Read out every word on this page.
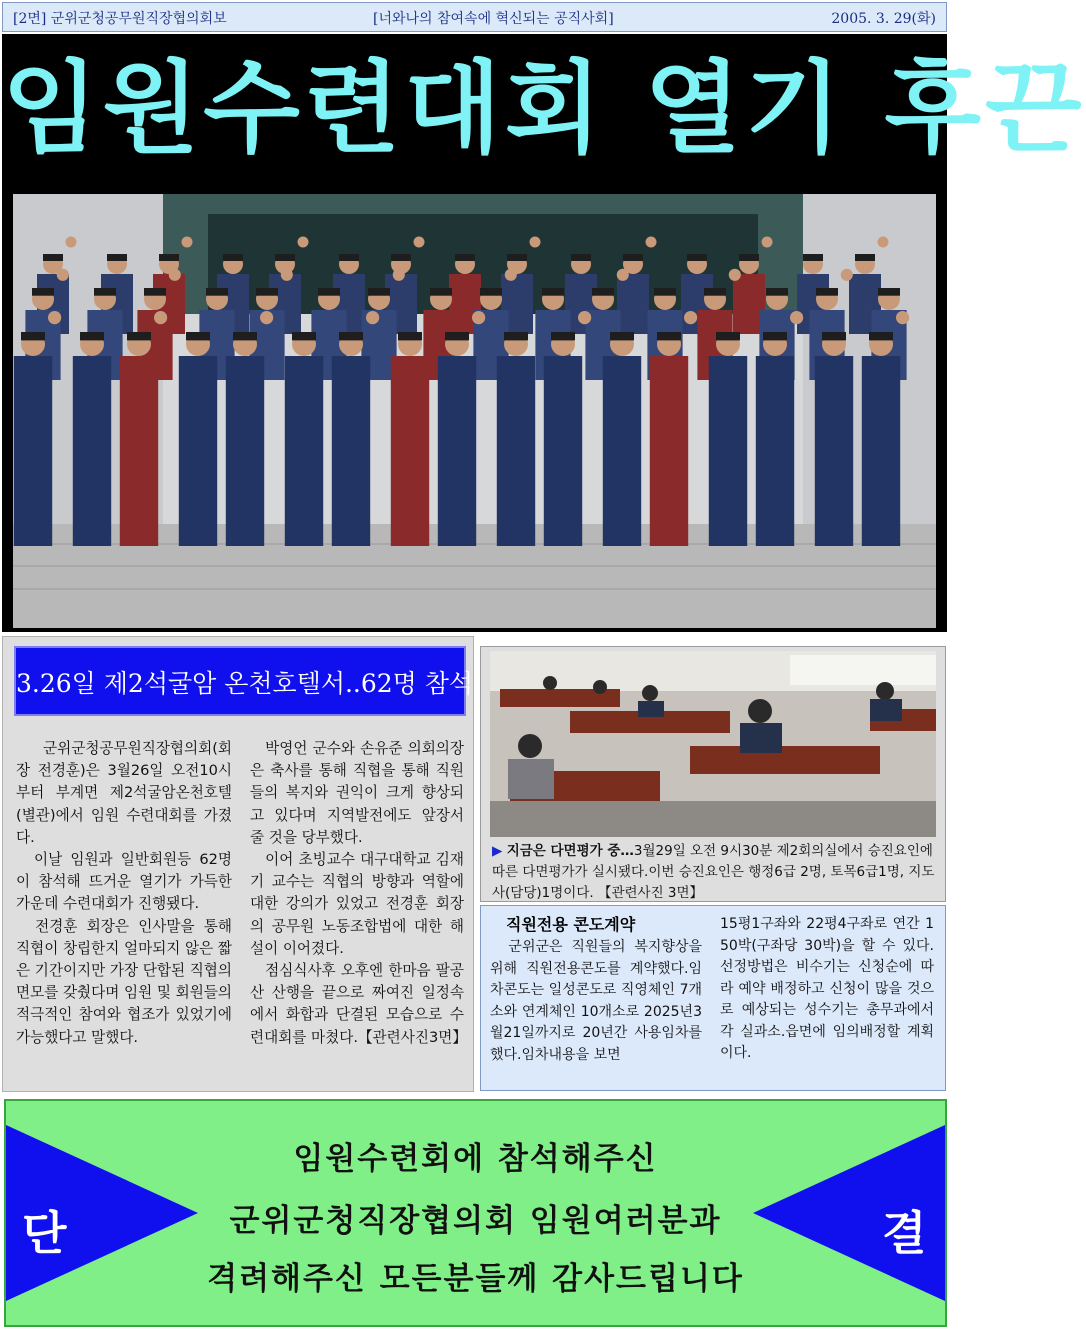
[2면] 군위군청공무원직장협의회보	[너와나의 참여속에 혁신되는 공직사회]	2005. 3. 29(화)
임원수련대회 열기 후끈
3.26일 제2석굴암 온천호텔서..62명 참석
　군위군청공무원직장협의회(회장 전경훈)은 3월26일 오전10시부터 부계면 제2석굴암온천호텔(별관)에서 임원 수련대회를 가졌다.
　이날 임원과 일반회원등 62명이 참석해 뜨거운 열기가 가득한 가운데 수련대회가 진행됐다.
　전경훈 회장은 인사말을 통해 직협이 창립한지 얼마되지 않은 짧은 기간이지만 가장 단합된 직협의 면모를 갖췄다며 임원 및 회원들의 적극적인 참여와 협조가 있었기에 가능했다고 말했다.
　박영언 군수와 손유준 의회의장은 축사를 통해 직협을 통해 직원들의 복지와 권익이 크게 향상되고 있다며 지역발전에도 앞장서 줄 것을 당부했다.
　이어 초빙교수 대구대학교 김재기 교수는 직협의 방향과 역할에 대한 강의가 있었고 전경훈 회장의 공무원 노동조합법에 대한 해설이 이어졌다.
　점심식사후 오후엔 한마음 팔공산 산행을 끝으로 짜여진 일정속에서 화합과 단결된 모습으로 수련대회를 마쳤다.【관련사진3면】
▶ 지금은 다면평가 중…3월29일 오전 9시30분 제2회의실에서 승진요인에 따른 다면평가가 실시됐다.이번 승진요인은 행정6급 2명, 토목6급1명, 지도사(담당)1명이다. 【관련사진 3면】
직원전용 콘도계약
　군위군은 직원들의 복지향상을 위해 직원전용콘도를 계약했다.임차콘도는 일성콘도로 직영체인 7개소와 연계체인 10개소로 2025년3월21일까지로 20년간 사용임차를 했다.임차내용을 보면
15평1구좌와 22평4구좌로 연간 150박(구좌당 30박)을 할 수 있다.선정방법은 비수기는 신청순에 따라 예약 배정하고 신청이 많을 것으로 예상되는 성수기는 총무과에서 각 실과소.읍면에 임의배정할 계획이다.
임원수련회에 참석해주신
군위군청직장협의회 임원여러분과
격려해주신 모든분들께 감사드립니다
단	결
